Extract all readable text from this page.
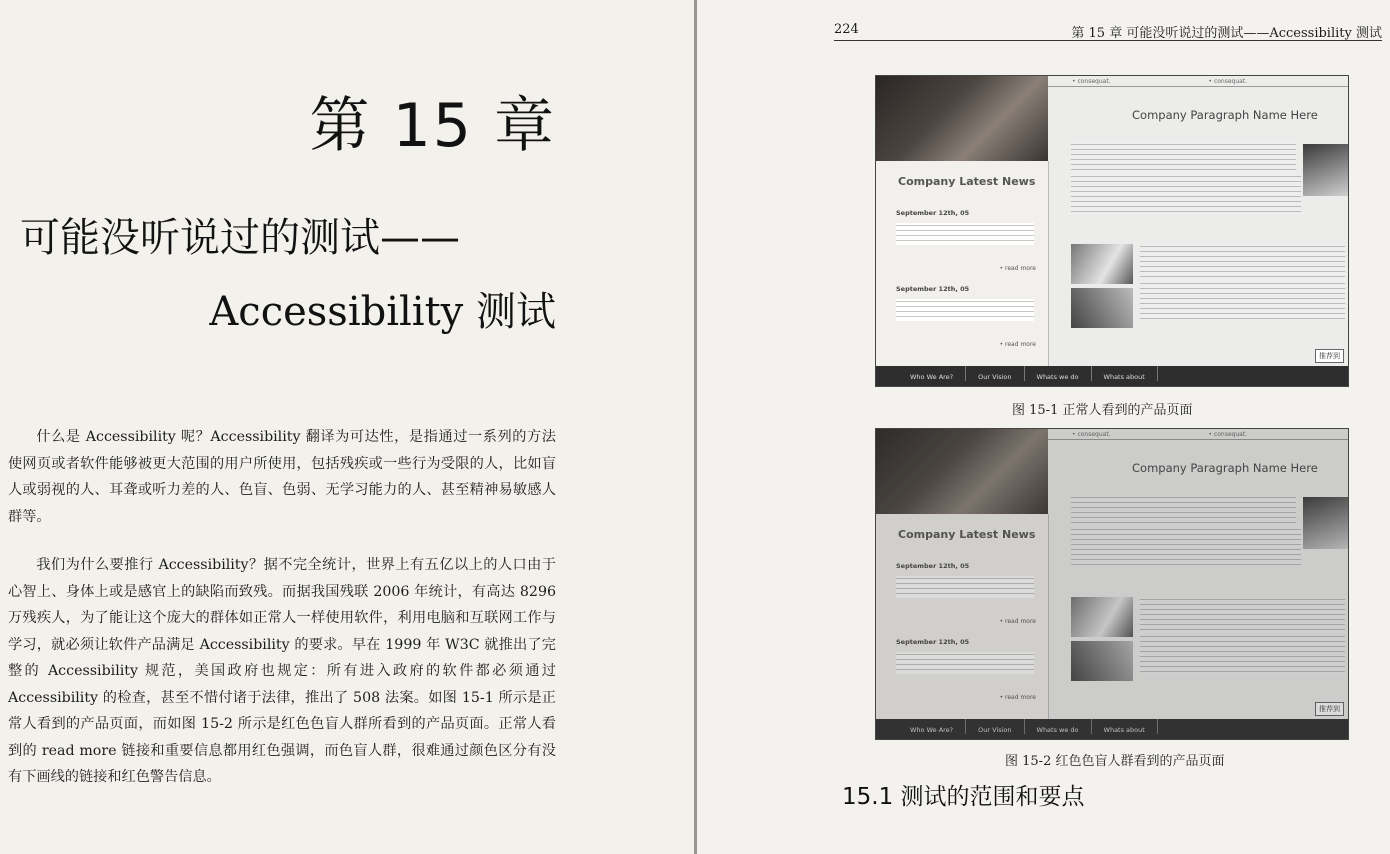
第 15 章
可能没听说过的测试——
Accessibility 测试

什么是 Accessibility 呢？Accessibility 翻译为可达性，是指通过一系列的方法使网页或者软件能够被更大范围的用户所使用，包括残疾或一些行为受限的人，比如盲人或弱视的人、耳聋或听力差的人、色盲、色弱、无学习能力的人、甚至精神易敏感人群等。

我们为什么要推行 Accessibility？据不完全统计，世界上有五亿以上的人口由于心智上、身体上或是感官上的缺陷而致残。而据我国残联 2006 年统计，有高达 8296 万残疾人，为了能让这个庞大的群体如正常人一样使用软件，利用电脑和互联网工作与学习，就必须让软件产品满足 Accessibility 的要求。早在 1999 年 W3C 就推出了完整的 Accessibility 规范，美国政府也规定：所有进入政府的软件都必须通过 Accessibility 的检查，甚至不惜付诸于法律，推出了 508 法案。如图 15-1 所示是正常人看到的产品页面，而如图 15-2 所示是红色色盲人群所看到的产品页面。正常人看到的 read more 链接和重要信息都用红色强调，而色盲人群，很难通过颜色区分有没有下画线的链接和红色警告信息。

224	第 15 章 可能没听说过的测试——Accessibility 测试
• consequat.	• consequat.
Company Paragraph Name Here
Company Latest News
September 12th, 05
• read more
September 12th, 05
• read more
推荐到
Who We Are?	Our Vision	Whats we do	Whats about
图 15-1 正常人看到的产品页面
• consequat.	• consequat.
Company Paragraph Name Here
Company Latest News
September 12th, 05
• read more
September 12th, 05
• read more
推荐到
Who We Are?	Our Vision	Whats we do	Whats about
图 15-2 红色色盲人群看到的产品页面
15.1 测试的范围和要点
